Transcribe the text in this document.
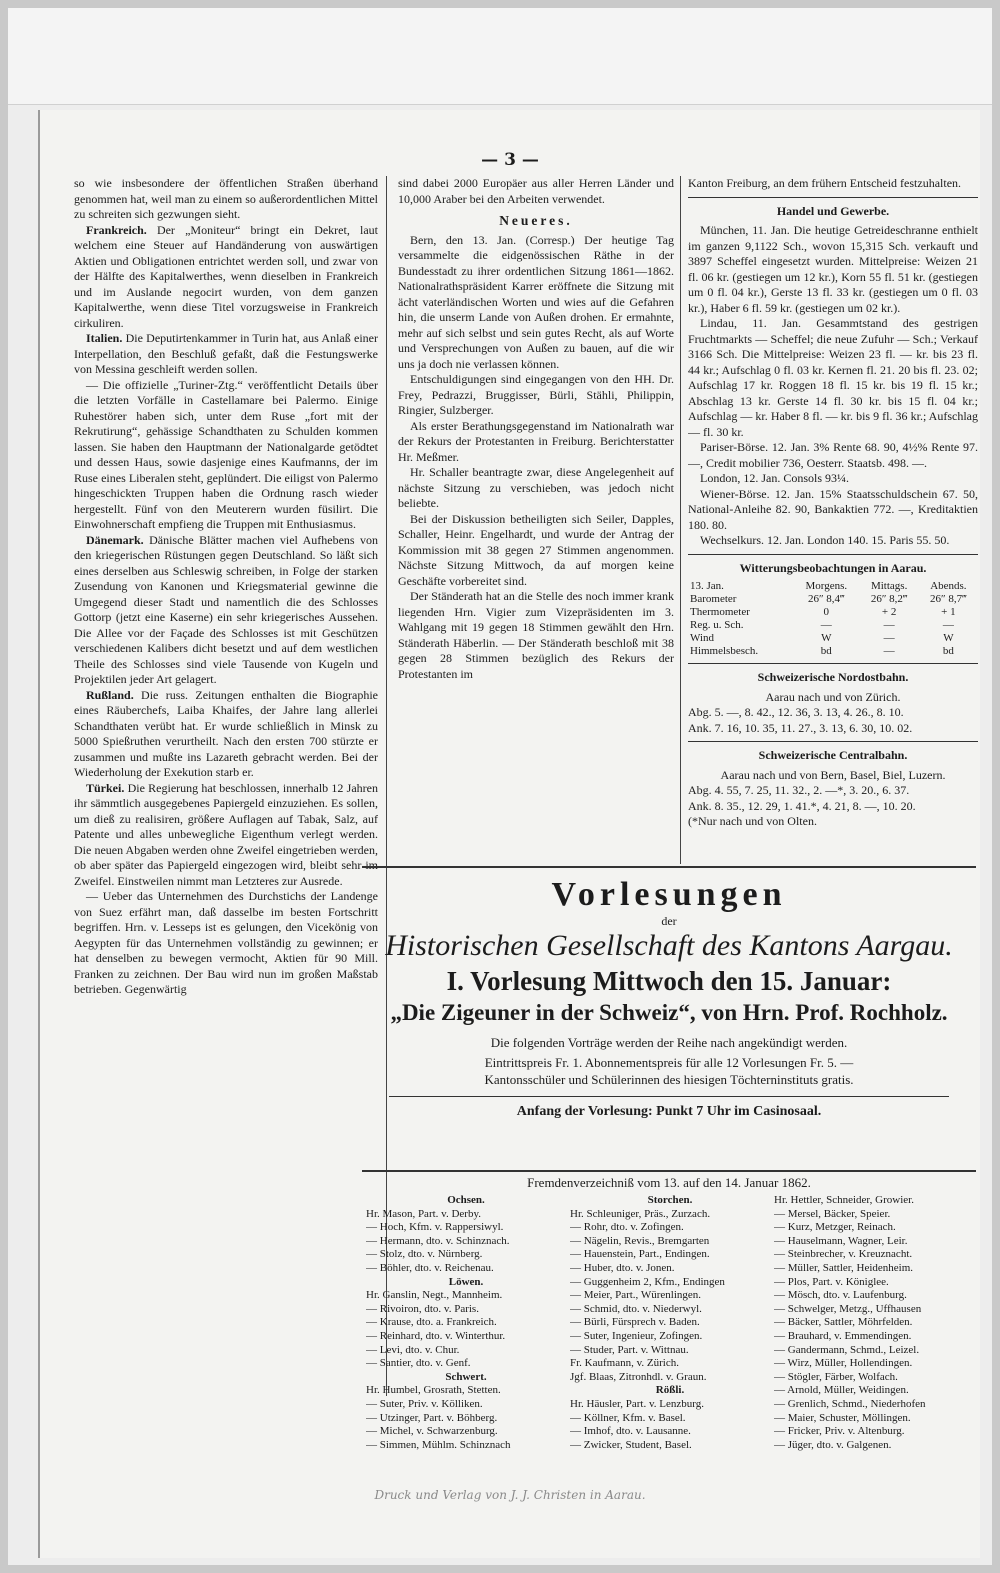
— 3 —

so wie insbesondere der öffentlichen Straßen überhand genommen hat, weil man zu einem so außerordentlichen Mittel zu schreiten sich gezwungen sieht.

Frankreich. Der „Moniteur“ bringt ein Dekret, laut welchem eine Steuer auf Handänderung von auswärtigen Aktien und Obligationen entrichtet werden soll, und zwar von der Hälfte des Kapitalwerthes, wenn dieselben in Frankreich und im Auslande negocirt wurden, von dem ganzen Kapitalwerthe, wenn diese Titel vorzugsweise in Frankreich cirkuliren.

Italien. Die Deputirtenkammer in Turin hat, aus Anlaß einer Interpellation, den Beschluß gefaßt, daß die Festungswerke von Messina geschleift werden sollen.

— Die offizielle „Turiner-Ztg.“ veröffentlicht Details über die letzten Vorfälle in Castellamare bei Palermo. Einige Ruhestörer haben sich, unter dem Ruse „fort mit der Rekrutirung“, gehässige Schandthaten zu Schulden kommen lassen. Sie haben den Hauptmann der Nationalgarde getödtet und dessen Haus, sowie dasjenige eines Kaufmanns, der im Ruse eines Liberalen steht, geplündert. Die eiligst von Palermo hingeschickten Truppen haben die Ordnung rasch wieder hergestellt. Fünf von den Meuterern wurden füsilirt. Die Einwohnerschaft empfieng die Truppen mit Enthusiasmus.

Dänemark. Dänische Blätter machen viel Aufhebens von den kriegerischen Rüstungen gegen Deutschland. So läßt sich eines derselben aus Schleswig schreiben, in Folge der starken Zusendung von Kanonen und Kriegsmaterial gewinne die Umgegend dieser Stadt und namentlich die des Schlosses Gottorp (jetzt eine Kaserne) ein sehr kriegerisches Aussehen. Die Allee vor der Façade des Schlosses ist mit Geschützen verschiedenen Kalibers dicht besetzt und auf dem westlichen Theile des Schlosses sind viele Tausende von Kugeln und Projektilen jeder Art gelagert.

Rußland. Die russ. Zeitungen enthalten die Biographie eines Räuberchefs, Laiba Khaifes, der Jahre lang allerlei Schandthaten verübt hat. Er wurde schließlich in Minsk zu 5000 Spießruthen verurtheilt. Nach den ersten 700 stürzte er zusammen und mußte ins Lazareth gebracht werden. Bei der Wiederholung der Exekution starb er.

Türkei. Die Regierung hat beschlossen, innerhalb 12 Jahren ihr sämmtlich ausgegebenes Papiergeld einzuziehen. Es sollen, um dieß zu realisiren, größere Auflagen auf Tabak, Salz, auf Patente und alles unbewegliche Eigenthum verlegt werden. Die neuen Abgaben werden ohne Zweifel eingetrieben werden, ob aber später das Papiergeld eingezogen wird, bleibt sehr im Zweifel. Einstweilen nimmt man Letzteres zur Ausrede.

— Ueber das Unternehmen des Durchstichs der Landenge von Suez erfährt man, daß dasselbe im besten Fortschritt begriffen. Hrn. v. Lesseps ist es gelungen, den Vicekönig von Aegypten für das Unternehmen vollständig zu gewinnen; er hat denselben zu bewegen vermocht, Aktien für 90 Mill. Franken zu zeichnen. Der Bau wird nun im großen Maßstab betrieben. Gegenwärtig

sind dabei 2000 Europäer aus aller Herren Länder und 10,000 Araber bei den Arbeiten verwendet.

Neueres.

Bern, den 13. Jan. (Corresp.) Der heutige Tag versammelte die eidgenössischen Räthe in der Bundesstadt zu ihrer ordentlichen Sitzung 1861—1862. Nationalrathspräsident Karrer eröffnete die Sitzung mit ächt vaterländischen Worten und wies auf die Gefahren hin, die unserm Lande von Außen drohen. Er ermahnte, mehr auf sich selbst und sein gutes Recht, als auf Worte und Versprechungen von Außen zu bauen, auf die wir uns ja doch nie verlassen können.

Entschuldigungen sind eingegangen von den HH. Dr. Frey, Pedrazzi, Bruggisser, Bürli, Stähli, Philippin, Ringier, Sulzberger.

Als erster Berathungsgegenstand im Nationalrath war der Rekurs der Protestanten in Freiburg. Berichterstatter Hr. Meßmer.

Hr. Schaller beantragte zwar, diese Angelegenheit auf nächste Sitzung zu verschieben, was jedoch nicht beliebte.

Bei der Diskussion betheiligten sich Seiler, Dapples, Schaller, Heinr. Engelhardt, und wurde der Antrag der Kommission mit 38 gegen 27 Stimmen angenommen. Nächste Sitzung Mittwoch, da auf morgen keine Geschäfte vorbereitet sind.

Der Ständerath hat an die Stelle des noch immer krank liegenden Hrn. Vigier zum Vizepräsidenten im 3. Wahlgang mit 19 gegen 18 Stimmen gewählt den Hrn. Ständerath Häberlin. — Der Ständerath beschloß mit 38 gegen 28 Stimmen bezüglich des Rekurs der Protestanten im

Kanton Freiburg, an dem frühern Entscheid festzuhalten.

Handel und Gewerbe.

München, 11. Jan. Die heutige Getreideschranne enthielt im ganzen 9,1122 Sch., wovon 15,315 Sch. verkauft und 3897 Scheffel eingesetzt wurden. Mittelpreise: Weizen 21 fl. 06 kr. (gestiegen um 12 kr.), Korn 55 fl. 51 kr. (gestiegen um 0 fl. 04 kr.), Gerste 13 fl. 33 kr. (gestiegen um 0 fl. 03 kr.), Haber 6 fl. 59 kr. (gestiegen um 02 kr.).

Lindau, 11. Jan. Gesammtstand des gestrigen Fruchtmarkts — Scheffel; die neue Zufuhr — Sch.; Verkauf 3166 Sch. Die Mittelpreise: Weizen 23 fl. — kr. bis 23 fl. 44 kr.; Aufschlag 0 fl. 03 kr. Kernen fl. 21. 20 bis fl. 23. 02; Aufschlag 17 kr. Roggen 18 fl. 15 kr. bis 19 fl. 15 kr.; Abschlag 13 kr. Gerste 14 fl. 30 kr. bis 15 fl. 04 kr.; Aufschlag — kr. Haber 8 fl. — kr. bis 9 fl. 36 kr.; Aufschlag — fl. 30 kr.

Pariser-Börse. 12. Jan. 3% Rente 68. 90, 4½% Rente 97. —, Credit mobilier 736, Oesterr. Staatsb. 498. —.

London, 12. Jan. Consols 93¼.

Wiener-Börse. 12. Jan. 15% Staatsschuldschein 67. 50, National-Anleihe 82. 90, Bankaktien 772. —, Kreditaktien 180. 80.

Wechselkurs. 12. Jan. London 140. 15. Paris 55. 50.

Witterungsbeobachtungen in Aarau.
13. Jan.	Morgens.	Mittags.	Abends.
Barometer	26″ 8,4‴	26″ 8,2‴	26″ 8,7‴
Thermometer	0	+ 2	+ 1
Reg. u. Sch.	—	—	—
Wind	W	—	W
Himmelsbesch.	bd	—	bd
Schweizerische Nordostbahn.

Aarau nach und von Zürich.

Abg. 5. —, 8. 42., 12. 36, 3. 13, 4. 26., 8. 10.

Ank. 7. 16, 10. 35, 11. 27., 3. 13, 6. 30, 10. 02.

Schweizerische Centralbahn.

Aarau nach und von Bern, Basel, Biel, Luzern.

Abg. 4. 55, 7. 25, 11. 32., 2. —*, 3. 20., 6. 37.

Ank. 8. 35., 12. 29, 1. 41.*, 4. 21, 8. —, 10. 20.

(*Nur nach und von Olten.

Vorlesungen

der

Historischen Gesellschaft des Kantons Aargau.

I. Vorlesung Mittwoch den 15. Januar:

„Die Zigeuner in der Schweiz“, von Hrn. Prof. Rochholz.

Die folgenden Vorträge werden der Reihe nach angekündigt werden.

Eintrittspreis Fr. 1. Abonnementspreis für alle 12 Vorlesungen Fr. 5. —

Kantonsschüler und Schülerinnen des hiesigen Töchterninstituts gratis.

Anfang der Vorlesung: Punkt 7 Uhr im Casinosaal.

Fremdenverzeichniß vom 13. auf den 14. Januar 1862.

Ochsen.
Hr. Mason, Part. v. Derby.
— Hoch, Kfm. v. Rappersiwyl.
— Hermann, dto. v. Schinznach.
— Stolz, dto. v. Nürnberg.
— Böhler, dto. v. Reichenau.
Löwen.
Hr. Ganslin, Negt., Mannheim.
— Rivoiron, dto. v. Paris.
— Krause, dto. a. Frankreich.
— Reinhard, dto. v. Winterthur.
— Levi, dto. v. Chur.
— Santier, dto. v. Genf.
Schwert.
Hr. Humbel, Grosrath, Stetten.
— Suter, Priv. v. Kölliken.
— Utzinger, Part. v. Böhberg.
— Michel, v. Schwarzenburg.
— Simmen, Mühlm. Schinznach
Storchen.
Hr. Schleuniger, Präs., Zurzach.
— Rohr, dto. v. Zofingen.
— Nägelin, Revis., Bremgarten
— Hauenstein, Part., Endingen.
— Huber, dto. v. Jonen.
— Guggenheim 2, Kfm., Endingen
— Meier, Part., Würenlingen.
— Schmid, dto. v. Niederwyl.
— Bürli, Fürsprech v. Baden.
— Suter, Ingenieur, Zofingen.
— Studer, Part. v. Wittnau.
Fr. Kaufmann, v. Zürich.
Jgf. Blaas, Zitronhdl. v. Graun.
Rößli.
Hr. Häusler, Part. v. Lenzburg.
— Köllner, Kfm. v. Basel.
— Imhof, dto. v. Lausanne.
— Zwicker, Student, Basel.
Hr. Hettler, Schneider, Growier.
— Mersel, Bäcker, Speier.
— Kurz, Metzger, Reinach.
— Hauselmann, Wagner, Leir.
— Steinbrecher, v. Kreuznacht.
— Müller, Sattler, Heidenheim.
— Plos, Part. v. Königlee.
— Mösch, dto. v. Laufenburg.
— Schwelger, Metzg., Uffhausen
— Bäcker, Sattler, Möhrfelden.
— Brauhard, v. Emmendingen.
— Gandermann, Schmd., Leizel.
— Wirz, Müller, Hollendingen.
— Stögler, Färber, Wolfach.
— Arnold, Müller, Weidingen.
— Grenlich, Schmd., Niederhofen
— Maier, Schuster, Möllingen.
— Fricker, Priv. v. Altenburg.
— Jüger, dto. v. Galgenen.
Druck und Verlag von J. J. Christen in Aarau.
